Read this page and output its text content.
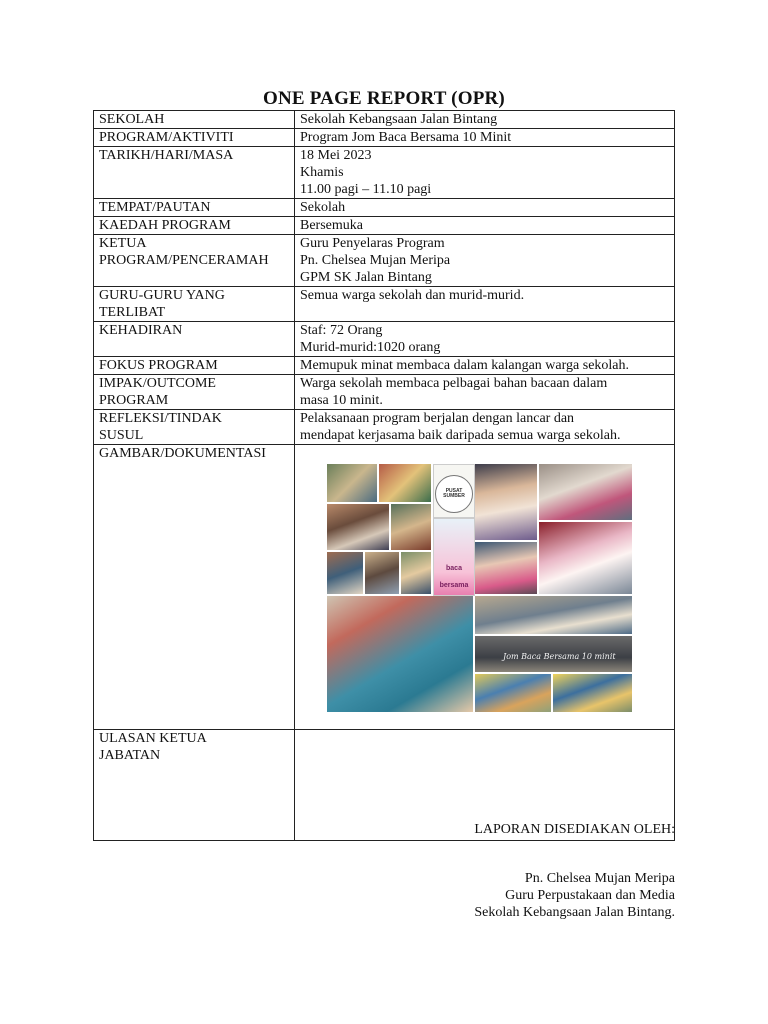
ONE PAGE REPORT (OPR)
SEKOLAH	Sekolah Kebangsaan Jalan Bintang
PROGRAM/AKTIVITI	Program Jom Baca Bersama 10 Minit
TARIKH/HARI/MASA	18 Mei 2023
Khamis
11.00 pagi – 11.10 pagi
TEMPAT/PAUTAN	Sekolah
KAEDAH PROGRAM	Bersemuka
KETUA
PROGRAM/PENCERAMAH	Guru Penyelaras Program
Pn. Chelsea Mujan Meripa
GPM SK Jalan Bintang
GURU-GURU YANG
TERLIBAT	Semua warga sekolah dan murid-murid.
KEHADIRAN	Staf: 72 Orang
Murid-murid:1020 orang
FOKUS PROGRAM	Memupuk minat membaca dalam kalangan warga sekolah.
IMPAK/OUTCOME
PROGRAM	Warga sekolah membaca pelbagai bahan bacaan dalam
masa 10 minit.
REFLEKSI/TINDAK
SUSUL	Pelaksanaan program berjalan dengan lancar dan
mendapat kerjasama baik daripada semua warga sekolah.
GAMBAR/DOKUMENTASI	PUSAT SUMBER

baca bersama

Jom Baca Bersama 10 minit

ULASAN KETUA
JABATAN	
LAPORAN DISEDIAKAN OLEH:
Pn. Chelsea Mujan Meripa
Guru Perpustakaan dan Media
Sekolah Kebangsaan Jalan Bintang.
